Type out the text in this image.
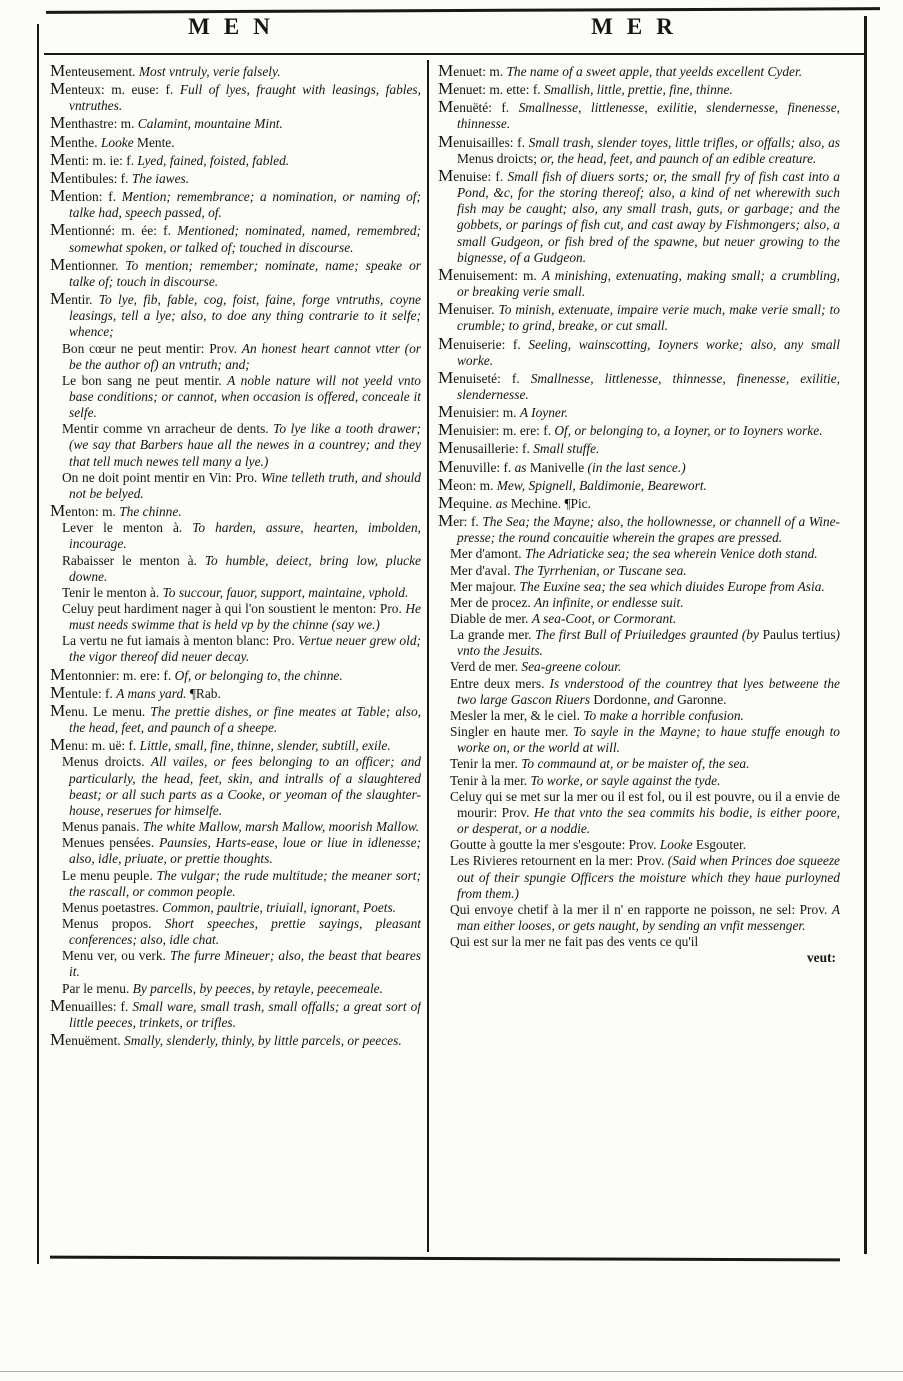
MEN	MER
Menteusement. Most vntruly, verie falsely.
Menteux: m. euse: f. Full of lyes, fraught with leasings, fables, vntruthes.
Menthastre: m. Calamint, mountaine Mint.
Menthe. Looke Mente.
Menti: m. ie: f. Lyed, fained, foisted, fabled.
Mentibules: f. The iawes.
Mention: f. Mention; remembrance; a nomination, or naming of; talke had, speech passed, of.
Mentionné: m. ée: f. Mentioned; nominated, named, remembred; somewhat spoken, or talked of; touched in discourse.
Mentionner. To mention; remember; nominate, name; speake or talke of; touch in discourse.
Mentir. To lye, fib, fable, cog, foist, faine, forge vntruths, coyne leasings, tell a lye; also, to doe any thing contrarie to it selfe; whence;
Bon cœur ne peut mentir: Prov. An honest heart cannot vtter (or be the author of) an vntruth; and;
Le bon sang ne peut mentir. A noble nature will not yeeld vnto base conditions; or cannot, when occasion is offered, conceale it selfe.
Mentir comme vn arracheur de dents. To lye like a tooth drawer; (we say that Barbers haue all the newes in a countrey; and they that tell much newes tell many a lye.)
On ne doit point mentir en Vin: Pro. Wine telleth truth, and should not be belyed.
Menton: m. The chinne.
Lever le menton à. To harden, assure, hearten, imbolden, incourage.
Rabaisser le menton à. To humble, deiect, bring low, plucke downe.
Tenir le menton à. To succour, fauor, support, maintaine, vphold.
Celuy peut hardiment nager à qui l'on soustient le menton: Pro. He must needs swimme that is held vp by the chinne (say we.)
La vertu ne fut iamais à menton blanc: Pro. Vertue neuer grew old; the vigor thereof did neuer decay.
Mentonnier: m. ere: f. Of, or belonging to, the chinne.
Mentule: f. A mans yard. ¶Rab.
Menu. Le menu. The prettie dishes, or fine meates at Table; also, the head, feet, and paunch of a sheepe.
Menu: m. uë: f. Little, small, fine, thinne, slender, subtill, exile.
Menus droicts. All vailes, or fees belonging to an officer; and particularly, the head, feet, skin, and intralls of a slaughtered beast; or all such parts as a Cooke, or yeoman of the slaughter-house, reserues for himselfe.
Menus panais. The white Mallow, marsh Mallow, moorish Mallow.
Menues pensées. Paunsies, Harts-ease, loue or liue in idlenesse; also, idle, priuate, or prettie thoughts.
Le menu peuple. The vulgar; the rude multitude; the meaner sort; the rascall, or common people.
Menus poetastres. Common, paultrie, triuiall, ignorant, Poets.
Menus propos. Short speeches, prettie sayings, pleasant conferences; also, idle chat.
Menu ver, ou verk. The furre Mineuer; also, the beast that beares it.
Par le menu. By parcells, by peeces, by retayle, peecemeale.
Menuailles: f. Small ware, small trash, small offalls; a great sort of little peeces, trinkets, or trifles.
Menuëment. Smally, slenderly, thinly, by little parcels, or peeces.
Menuet: m. The name of a sweet apple, that yeelds excellent Cyder.
Menuet: m. ette: f. Smallish, little, prettie, fine, thinne.
Menuëté: f. Smallnesse, littlenesse, exilitie, slendernesse, finenesse, thinnesse.
Menuisailles: f. Small trash, slender toyes, little trifles, or offalls; also, as Menus droicts; or, the head, feet, and paunch of an edible creature.
Menuise: f. Small fish of diuers sorts; or, the small fry of fish cast into a Pond, &c, for the storing thereof; also, a kind of net wherewith such fish may be caught; also, any small trash, guts, or garbage; and the gobbets, or parings of fish cut, and cast away by Fishmongers; also, a small Gudgeon, or fish bred of the spawne, but neuer growing to the bignesse, of a Gudgeon.
Menuisement: m. A minishing, extenuating, making small; a crumbling, or breaking verie small.
Menuiser. To minish, extenuate, impaire verie much, make verie small; to crumble; to grind, breake, or cut small.
Menuiserie: f. Seeling, wainscotting, Ioyners worke; also, any small worke.
Menuiseté: f. Smallnesse, littlenesse, thinnesse, finenesse, exilitie, slendernesse.
Menuisier: m. A Ioyner.
Menuisier: m. ere: f. Of, or belonging to, a Ioyner, or to Ioyners worke.
Menusaillerie: f. Small stuffe.
Menuville: f. as Manivelle (in the last sence.)
Meon: m. Mew, Spignell, Baldimonie, Bearewort.
Mequine. as Mechine. ¶Pic.
Mer: f. The Sea; the Mayne; also, the hollownesse, or channell of a Wine-presse; the round concauitie wherein the grapes are pressed.
Mer d'amont. The Adriaticke sea; the sea wherein Venice doth stand.
Mer d'aval. The Tyrrhenian, or Tuscane sea.
Mer majour. The Euxine sea; the sea which diuides Europe from Asia.
Mer de procez. An infinite, or endlesse suit.
Diable de mer. A sea-Coot, or Cormorant.
La grande mer. The first Bull of Priuiledges graunted (by Paulus tertius) vnto the Jesuits.
Verd de mer. Sea-greene colour.
Entre deux mers. Is vnderstood of the countrey that lyes betweene the two large Gascon Riuers Dordonne, and Garonne.
Mesler la mer, & le ciel. To make a horrible confusion.
Singler en haute mer. To sayle in the Mayne; to haue stuffe enough to worke on, or the world at will.
Tenir la mer. To commaund at, or be maister of, the sea.
Tenir à la mer. To worke, or sayle against the tyde.
Celuy qui se met sur la mer ou il est fol, ou il est pouvre, ou il a envie de mourir: Prov. He that vnto the sea commits his bodie, is either poore, or desperat, or a noddie.
Goutte à goutte la mer s'esgoute: Prov. Looke Esgouter.
Les Rivieres retournent en la mer: Prov. (Said when Princes doe squeeze out of their spungie Officers the moisture which they haue purloyned from them.)
Qui envoye chetif à la mer il n' en rapporte ne poisson, ne sel: Prov. A man either looses, or gets naught, by sending an vnfit messenger.
Qui est sur la mer ne fait pas des vents ce qu'il
veut:
